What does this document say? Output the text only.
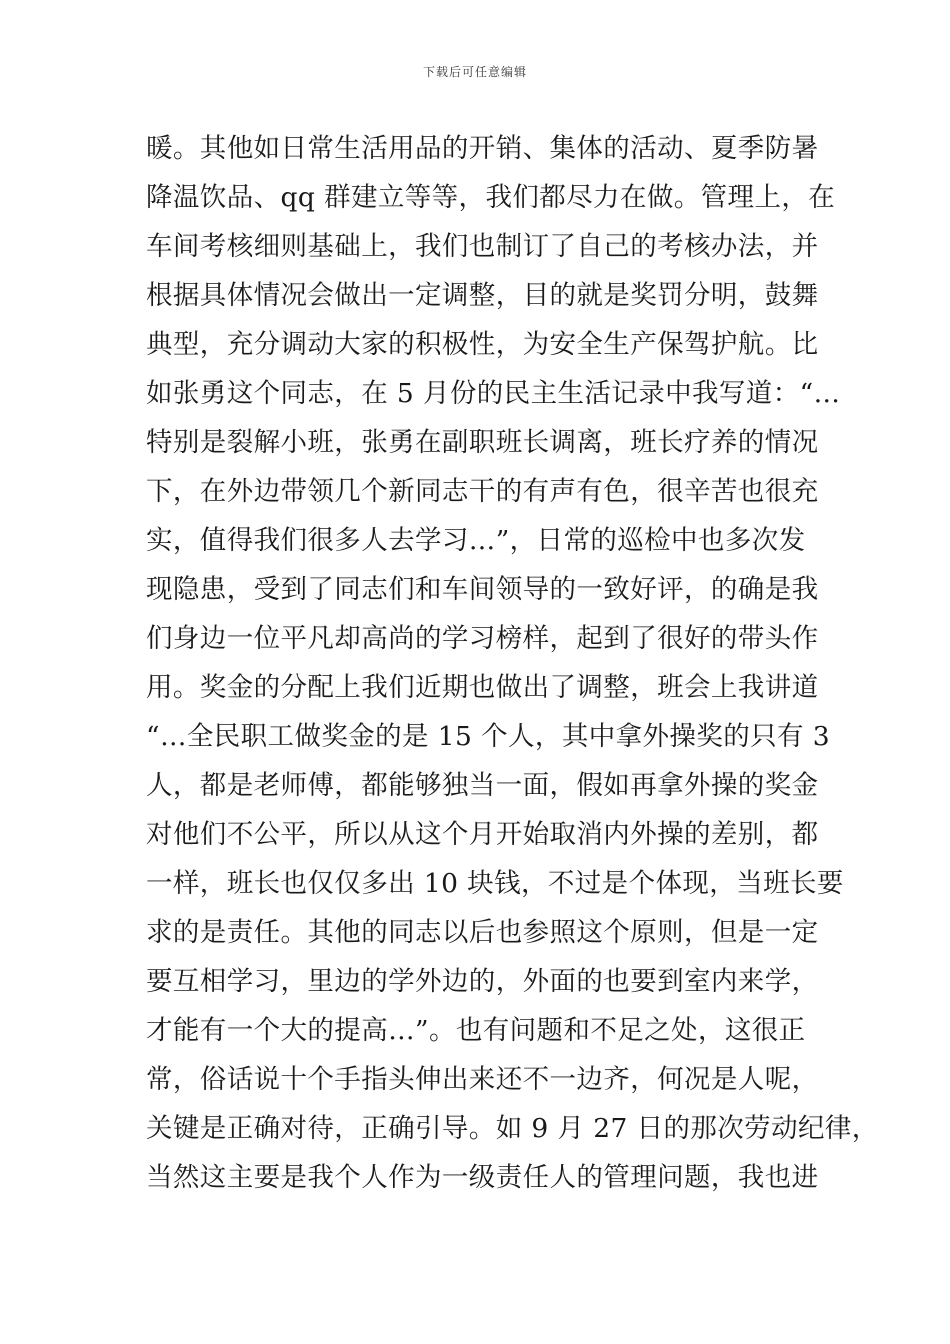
下载后可任意编辑
暖。其他如日常生活用品的开销、集体的活动、夏季防暑
降温饮品、qq 群建立等等，我们都尽力在做。管理上，在
车间考核细则基础上，我们也制订了自己的考核办法，并
根据具体情况会做出一定调整，目的就是奖罚分明，鼓舞
典型，充分调动大家的积极性，为安全生产保驾护航。比
如张勇这个同志，在 5 月份的民主生活记录中我写道：“…
特别是裂解小班，张勇在副职班长调离，班长疗养的情况
下，在外边带领几个新同志干的有声有色，很辛苦也很充
实，值得我们很多人去学习…”，日常的巡检中也多次发
现隐患，受到了同志们和车间领导的一致好评，的确是我
们身边一位平凡却高尚的学习榜样，起到了很好的带头作
用。奖金的分配上我们近期也做出了调整，班会上我讲道
“…全民职工做奖金的是 15 个人，其中拿外操奖的只有 3
人，都是老师傅，都能够独当一面，假如再拿外操的奖金
对他们不公平，所以从这个月开始取消内外操的差别，都
一样，班长也仅仅多出 10 块钱，不过是个体现，当班长要
求的是责任。其他的同志以后也参照这个原则，但是一定
要互相学习，里边的学外边的，外面的也要到室内来学，
才能有一个大的提高…”。也有问题和不足之处，这很正
常，俗话说十个手指头伸出来还不一边齐，何况是人呢，
关键是正确对待，正确引导。如 9 月 27 日的那次劳动纪律，
当然这主要是我个人作为一级责任人的管理问题，我也进
